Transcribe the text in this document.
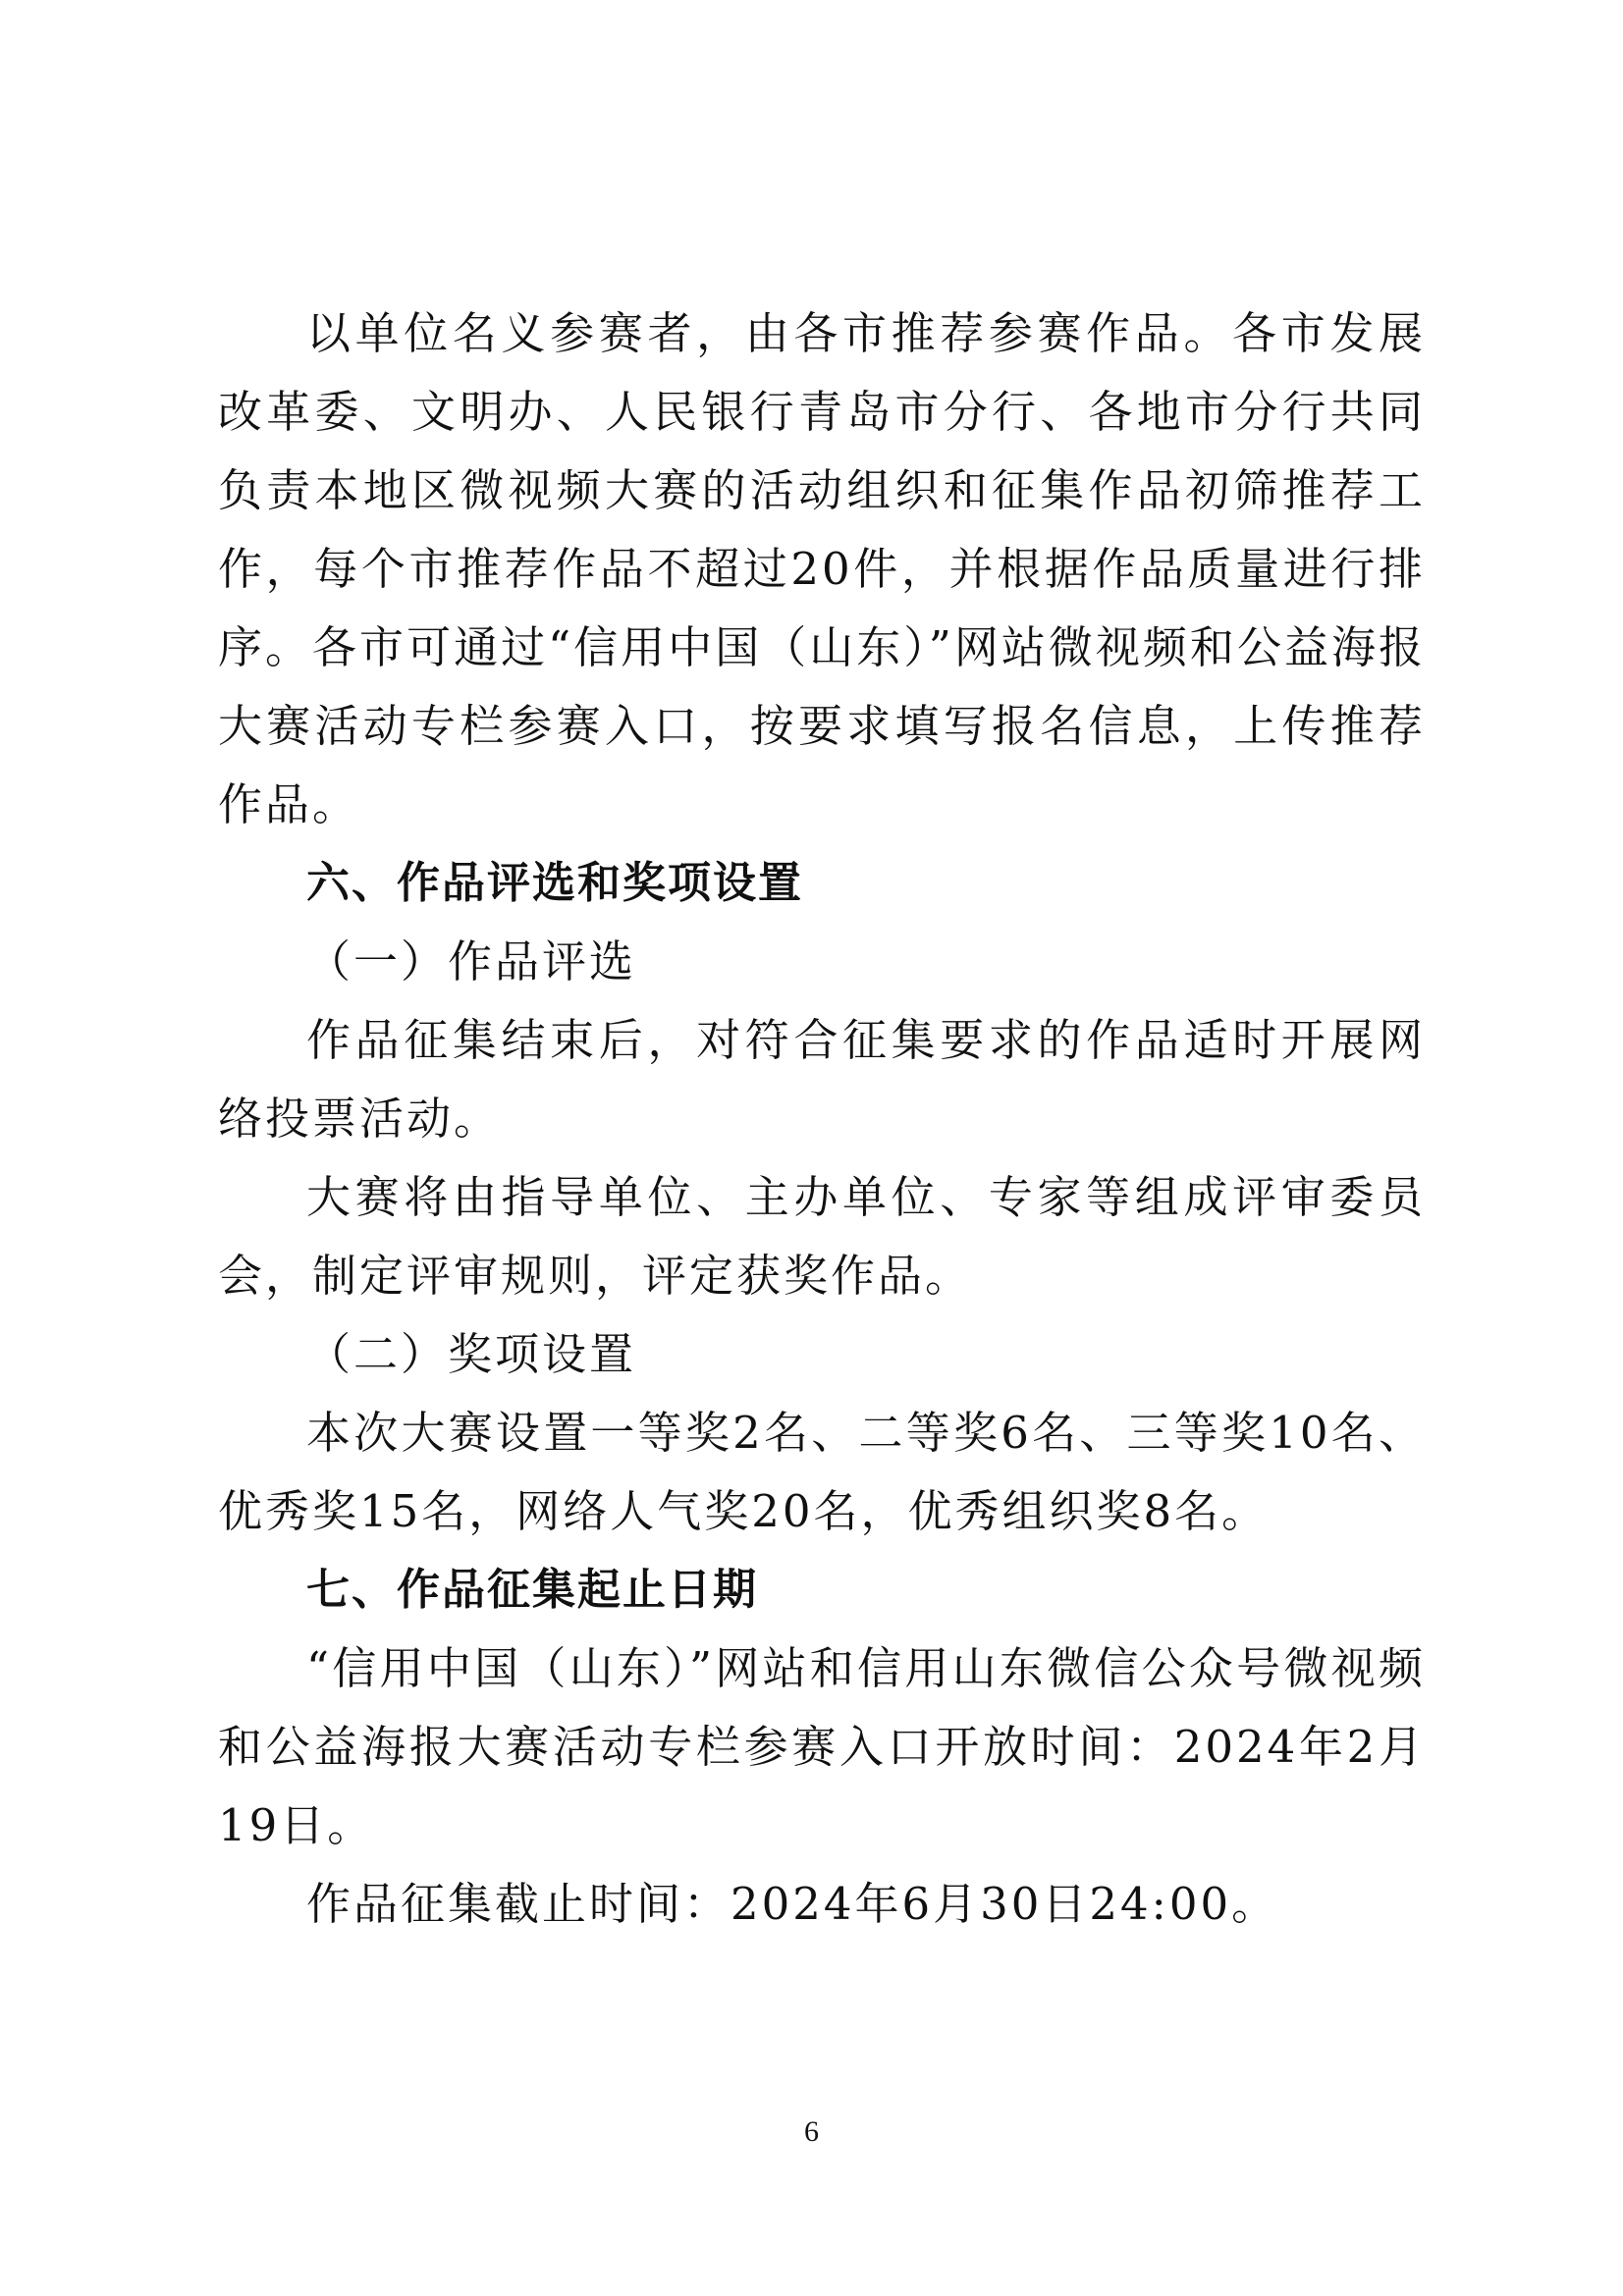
以单位名义参赛者，由各市推荐参赛作品。各市发展改革委、文明办、人民银行青岛市分行、各地市分行共同负责本地区微视频大赛的活动组织和征集作品初筛推荐工作，每个市推荐作品不超过20件，并根据作品质量进行排序。各市可通过“信用中国（山东）”网站微视频和公益海报大赛活动专栏参赛入口，按要求填写报名信息，上传推荐作品。

六、作品评选和奖项设置

（一）作品评选

作品征集结束后，对符合征集要求的作品适时开展网络投票活动。

大赛将由指导单位、主办单位、专家等组成评审委员会，制定评审规则，评定获奖作品。

（二）奖项设置

本次大赛设置一等奖2名、二等奖6名、三等奖10名、优秀奖15名，网络人气奖20名，优秀组织奖8名。

七、作品征集起止日期

“信用中国（山东）”网站和信用山东微信公众号微视频和公益海报大赛活动专栏参赛入口开放时间：2024年2月19日。

作品征集截止时间：2024年6月30日24:00。

6
